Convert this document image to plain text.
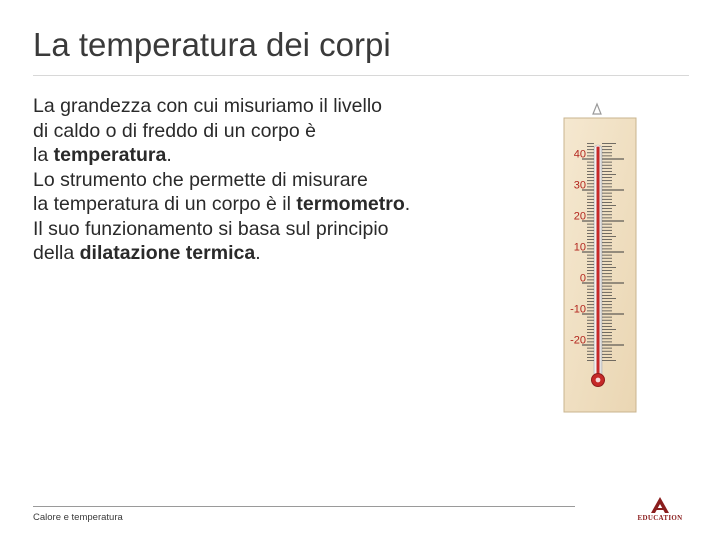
La temperatura dei corpi
La grandezza con cui misuriamo il livello
di caldo o di freddo di un corpo è
la temperatura.
Lo strumento che permette di misurare
la temperatura di un corpo è il termometro.
Il suo funzionamento si basa sul principio
della dilatazione termica.
40
30
20
10
0
-10
-20
Calore e temperatura	EDUCATION
